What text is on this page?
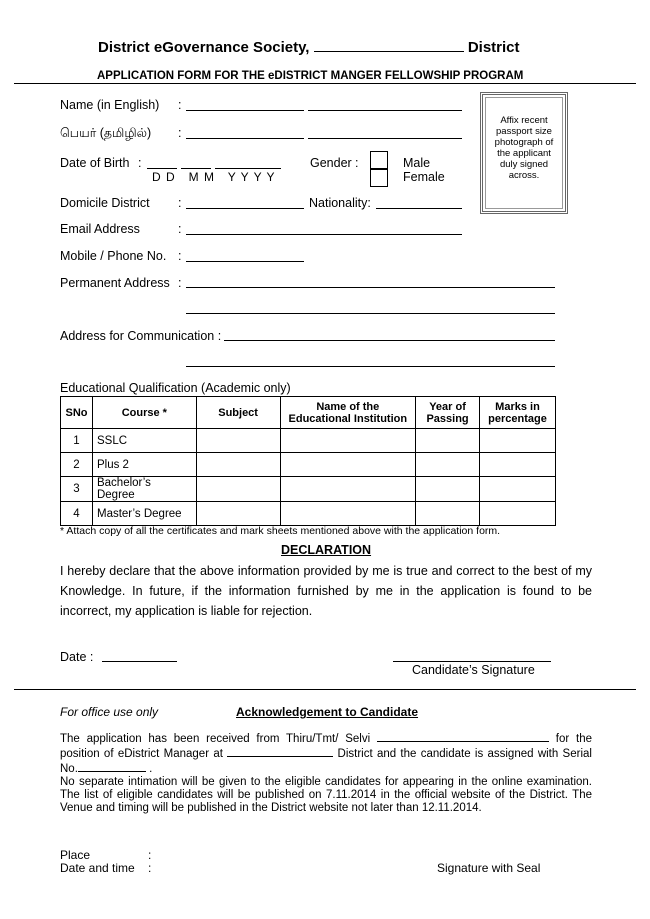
District eGovernance Society,	District
APPLICATION FORM FOR THE eDISTRICT MANGER FELLOWSHIP PROGRAM
Name (in English) :
பெயர் (தமிழில்) :
Date of Birth :
D D   M M   Y Y Y Y
Gender :	Male
Female
Affix recent passport size photograph of the applicant duly signed across.
Domicile District :	Nationality:
Email Address	:
Mobile / Phone No. :
Permanent Address :
Address for Communication :
Educational Qualification (Academic only)
SNo	Course *	Subject	Name of the Educational Institution	Year of Passing	Marks in percentage
1	SSLC				
2	Plus 2				
3	Bachelor’s Degree				
4	Master’s Degree				
* Attach copy of all the certificates and mark sheets mentioned above with the application form.
DECLARATION
I hereby declare that the above information provided by me is true and correct to the best of my Knowledge. In future, if the information furnished by me in the application is found to be incorrect, my application is liable for rejection.
Date :
Candidate’s Signature
For office use only	Acknowledgement to Candidate
The application has been received from Thiru/Tmt/ Selvi	for the position of eDistrict Manager at	District and the candidate is assigned with Serial No.	.
No separate intimation will be given to the eligible candidates for appearing in the online examination. The list of eligible candidates will be published on 7.11.2014 in the official website of the District. The Venue and timing will be published in the District website not later than 12.11.2014.
Place	:
Date and time :	Signature with Seal
